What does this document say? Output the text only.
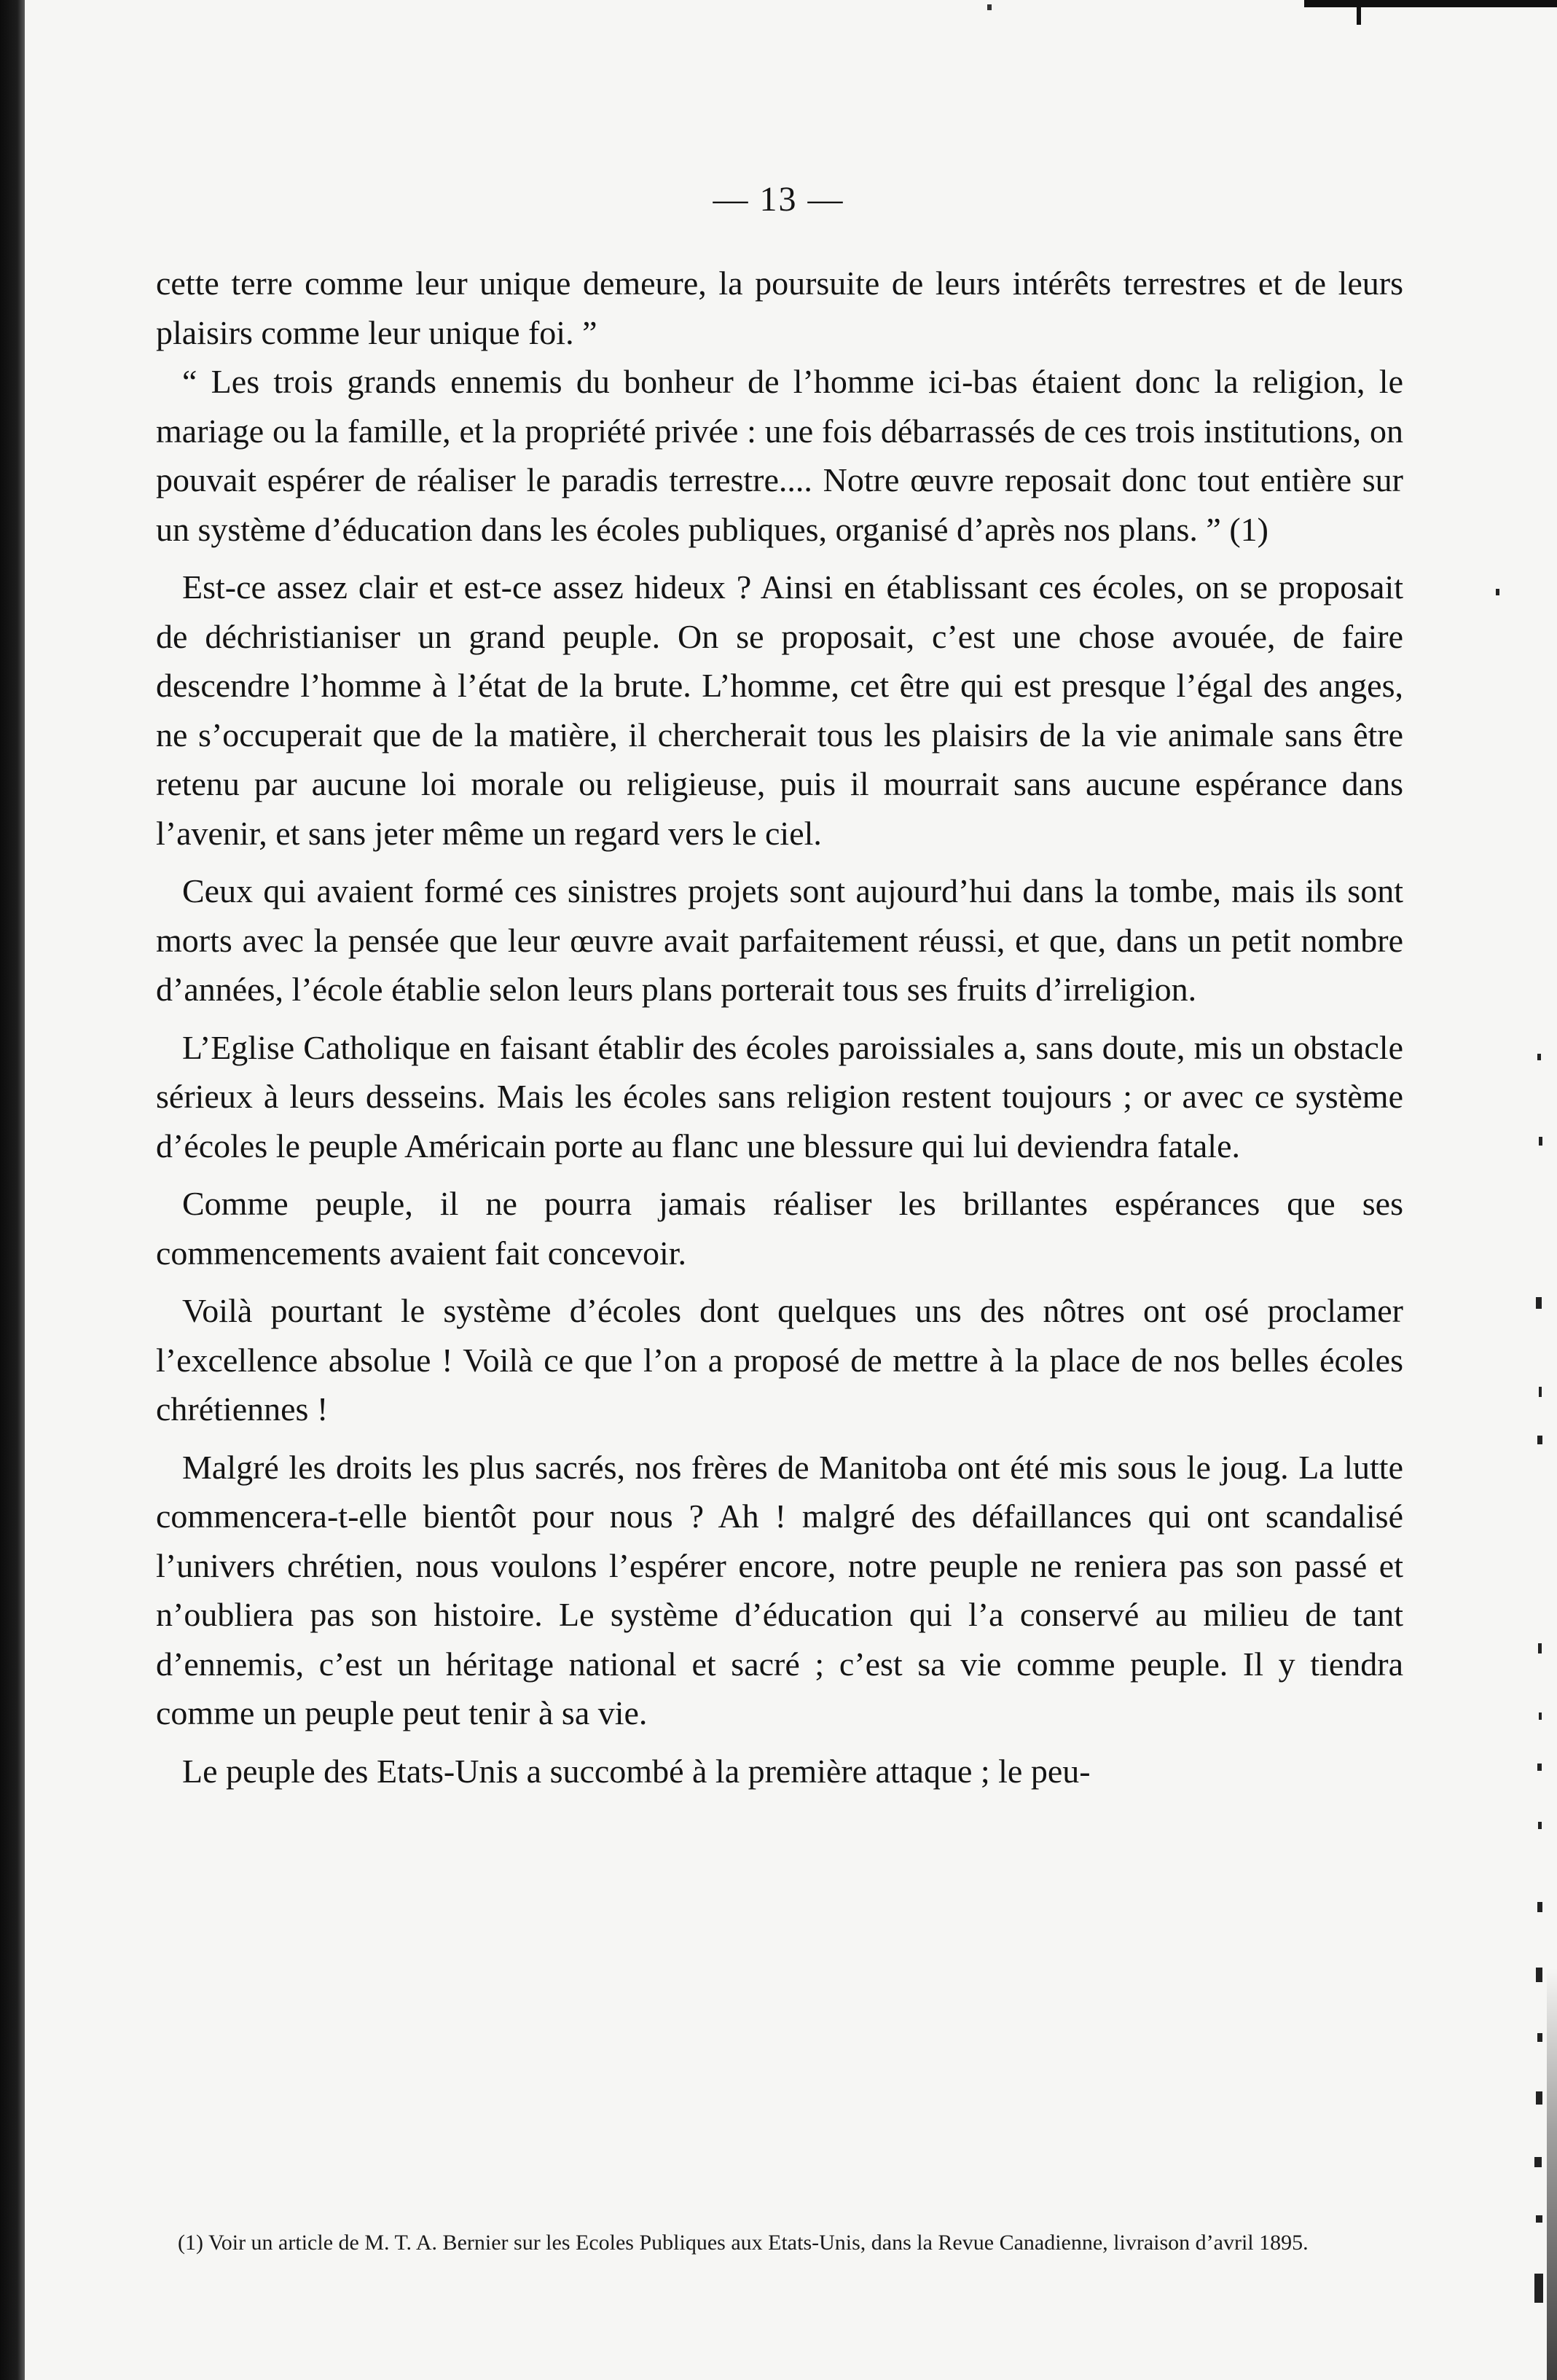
— 13 —

cette terre comme leur unique demeure, la poursuite de leurs intérêts terrestres et de leurs plaisirs comme leur unique foi. ”

“ Les trois grands ennemis du bonheur de l’homme ici-bas étaient donc la religion, le mariage ou la famille, et la propriété privée : une fois débarrassés de ces trois institutions, on pouvait espérer de réaliser le paradis terrestre.... Notre œuvre reposait donc tout entière sur un système d’éducation dans les écoles publiques, organisé d’après nos plans. ” (1)

Est-ce assez clair et est-ce assez hideux ? Ainsi en établissant ces écoles, on se proposait de déchristianiser un grand peuple. On se proposait, c’est une chose avouée, de faire descendre l’homme à l’état de la brute. L’homme, cet être qui est presque l’égal des anges, ne s’occuperait que de la matière, il chercherait tous les plaisirs de la vie animale sans être retenu par aucune loi morale ou religieuse, puis il mourrait sans aucune espérance dans l’avenir, et sans jeter même un regard vers le ciel.

Ceux qui avaient formé ces sinistres projets sont aujourd’hui dans la tombe, mais ils sont morts avec la pensée que leur œuvre avait parfaitement réussi, et que, dans un petit nombre d’années, l’école établie selon leurs plans porterait tous ses fruits d’irreligion.

L’Eglise Catholique en faisant établir des écoles paroissiales a, sans doute, mis un obstacle sérieux à leurs desseins. Mais les écoles sans religion restent toujours ; or avec ce système d’écoles le peuple Américain porte au flanc une blessure qui lui deviendra fatale.

Comme peuple, il ne pourra jamais réaliser les brillantes espérances que ses commencements avaient fait concevoir.

Voilà pourtant le système d’écoles dont quelques uns des nôtres ont osé proclamer l’excellence absolue ! Voilà ce que l’on a proposé de mettre à la place de nos belles écoles chrétiennes !

Malgré les droits les plus sacrés, nos frères de Manitoba ont été mis sous le joug. La lutte commencera-t-elle bientôt pour nous ? Ah ! malgré des défaillances qui ont scandalisé l’univers chrétien, nous voulons l’espérer encore, notre peuple ne reniera pas son passé et n’oubliera pas son histoire. Le système d’éducation qui l’a conservé au milieu de tant d’ennemis, c’est un héritage national et sacré ; c’est sa vie comme peuple. Il y tiendra comme un peuple peut tenir à sa vie.

Le peuple des Etats-Unis a succombé à la première attaque ; le peu-

(1) Voir un article de M. T. A. Bernier sur les Ecoles Publiques aux Etats-Unis, dans la Revue Canadienne, livraison d’avril 1895.
